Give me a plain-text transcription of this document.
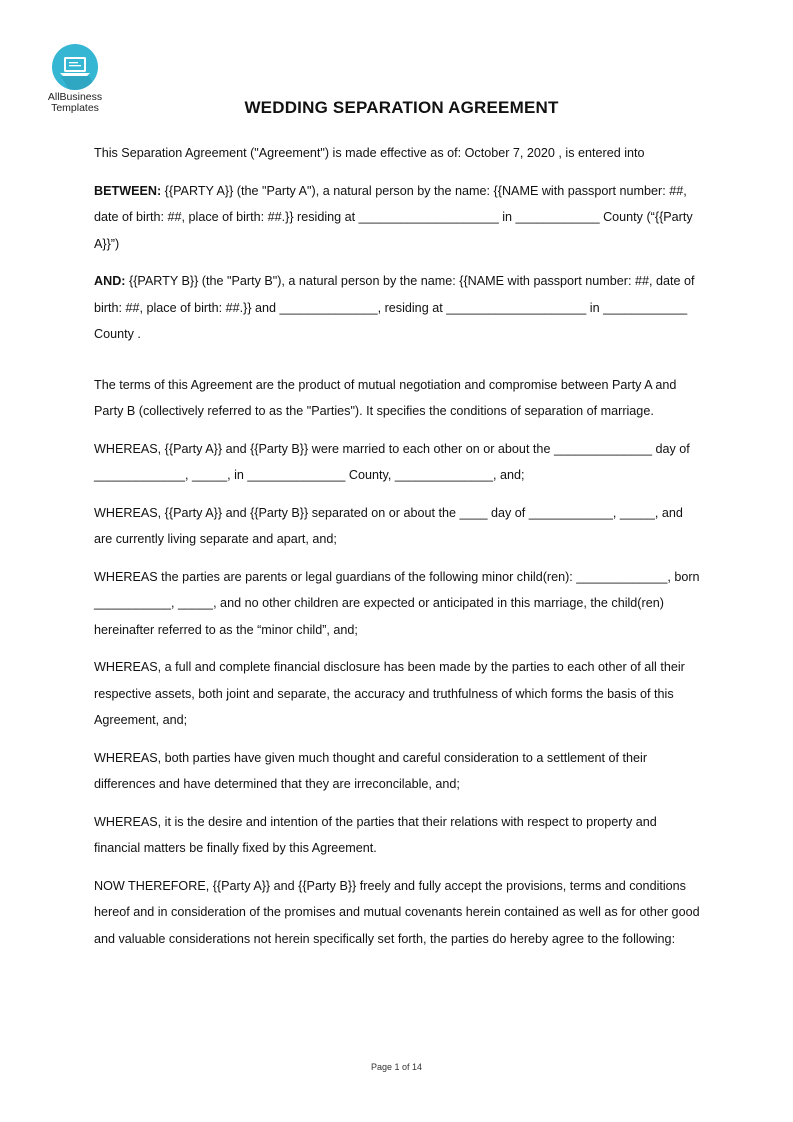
AllBusiness
Templates	WEDDING SEPARATION AGREEMENT

This Separation Agreement ("Agreement") is made effective as of: October 7, 2020 , is entered into

BETWEEN: {{PARTY A}} (the "Party A"), a natural person by the name: {{NAME with passport number: ##, date of birth: ##, place of birth: ##.}} residing at ____________________ in ____________ County (“{{Party A}}”)

AND: {{PARTY B}} (the "Party B"), a natural person by the name: {{NAME with passport number: ##, date of birth: ##, place of birth: ##.}} and ______________, residing at ____________________ in ____________ County .

The terms of this Agreement are the product of mutual negotiation and compromise between Party A and Party B (collectively referred to as the "Parties"). It specifies the conditions of separation of marriage.

WHEREAS, {{Party A}} and {{Party B}} were married to each other on or about the ______________ day of _____________, _____, in ______________ County, ______________, and;

WHEREAS, {{Party A}} and {{Party B}} separated on or about the ____ day of ____________, _____, and are currently living separate and apart, and;

WHEREAS the parties are parents or legal guardians of the following minor child(ren): _____________, born ___________, _____, and no other children are expected or anticipated in this marriage, the child(ren) hereinafter referred to as the “minor child”, and;

WHEREAS, a full and complete financial disclosure has been made by the parties to each other of all their respective assets, both joint and separate, the accuracy and truthfulness of which forms the basis of this Agreement, and;

WHEREAS, both parties have given much thought and careful consideration to a settlement of their differences and have determined that they are irreconcilable, and;

WHEREAS, it is the desire and intention of the parties that their relations with respect to property and financial matters be finally fixed by this Agreement.

NOW THEREFORE, {{Party A}} and {{Party B}} freely and fully accept the provisions, terms and conditions hereof and in consideration of the promises and mutual covenants herein contained as well as for other good and valuable considerations not herein specifically set forth, the parties do hereby agree to the following:

Page 1 of 14
